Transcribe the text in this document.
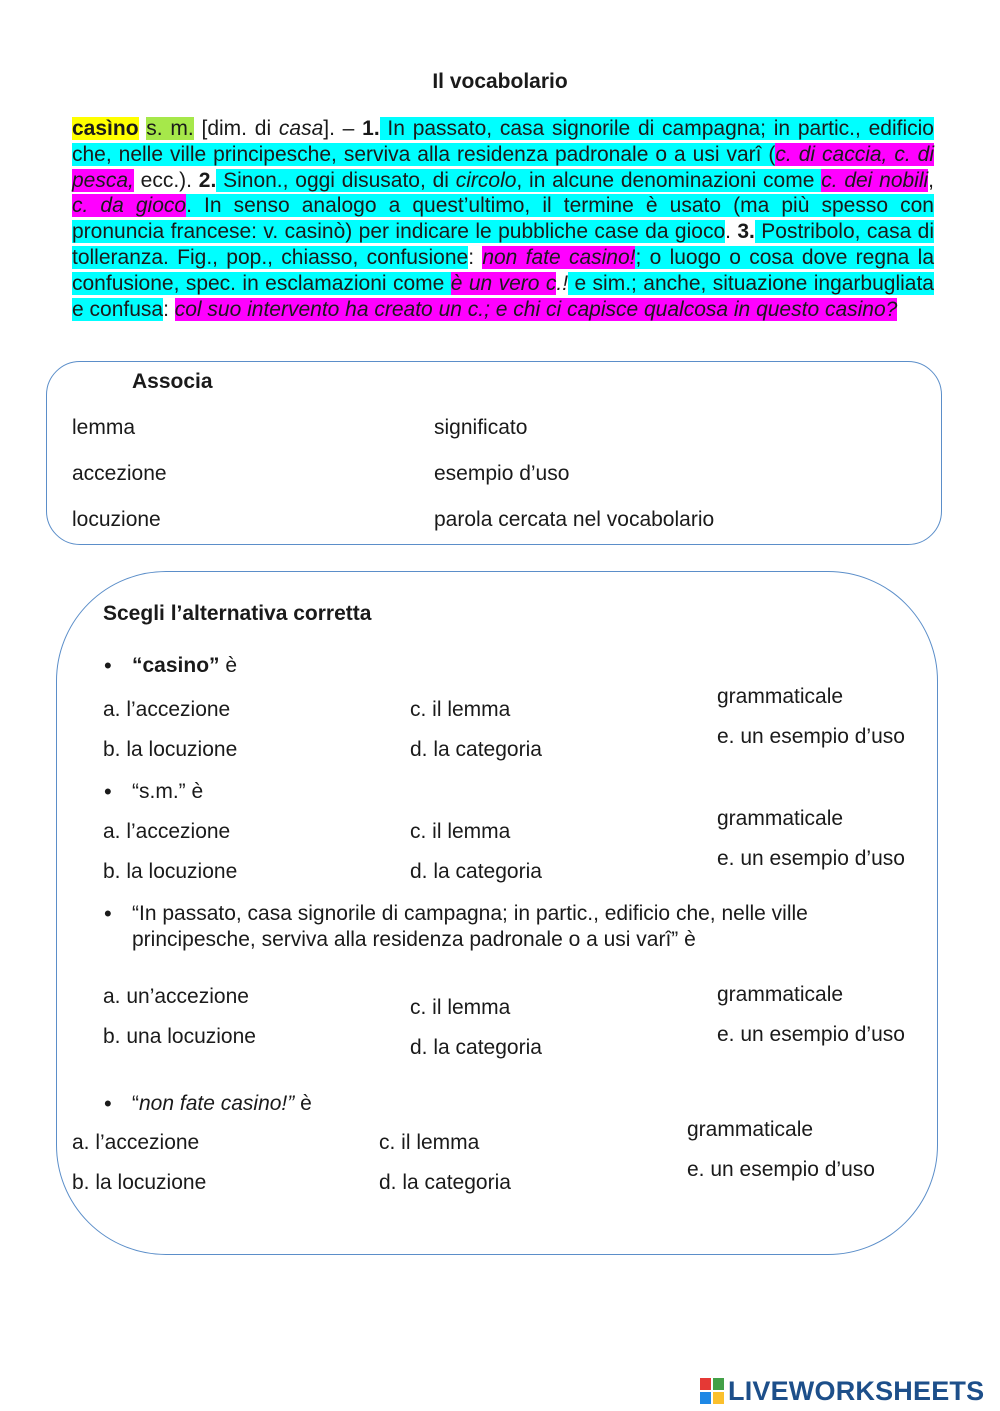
Il vocabolario
casìno s. m. [dim. di casa]. – 1. In passato, casa signorile di campagna; in partic., edificio che, nelle ville principesche, serviva alla residenza padronale o a usi varî (c. di caccia, c. di pesca, ecc.). 2. Sinon., oggi disusato, di circolo, in alcune denominazioni come c. dei nobili, c. da gioco. In senso analogo a quest’ultimo, il termine è usato (ma più spesso con pronuncia francese: v. casinò) per indicare le pubbliche case da gioco. 3. Postribolo, casa di tolleranza. Fig., pop., chiasso, confusione: non fate casino!; o luogo o cosa dove regna la confusione, spec. in esclamazioni come è un vero c.! e sim.; anche, situazione ingarbugliata e confusa: col suo intervento ha creato un c.; e chi ci capisce qualcosa in questo casino?
Associa
lemma
accezione
locuzione
significato
esempio d’uso
parola cercata nel vocabolario
Scegli l’alternativa corretta
• “casino” è
a. l’accezione
b. la locuzione
c. il lemma
d. la categoria
grammaticale
e. un esempio d’uso
• “s.m.” è
a. l’accezione
b. la locuzione
c. il lemma
d. la categoria
grammaticale
e. un esempio d’uso
• “In passato, casa signorile di campagna; in partic., edificio che, nelle ville
principesche, serviva alla residenza padronale o a usi varî” è
a. un’accezione
b. una locuzione
c. il lemma
d. la categoria
grammaticale
e. un esempio d’uso
• “non fate casino!” è
a. l’accezione
b. la locuzione
c. il lemma
d. la categoria
grammaticale
e. un esempio d’uso
LIVEWORKSHEETS
